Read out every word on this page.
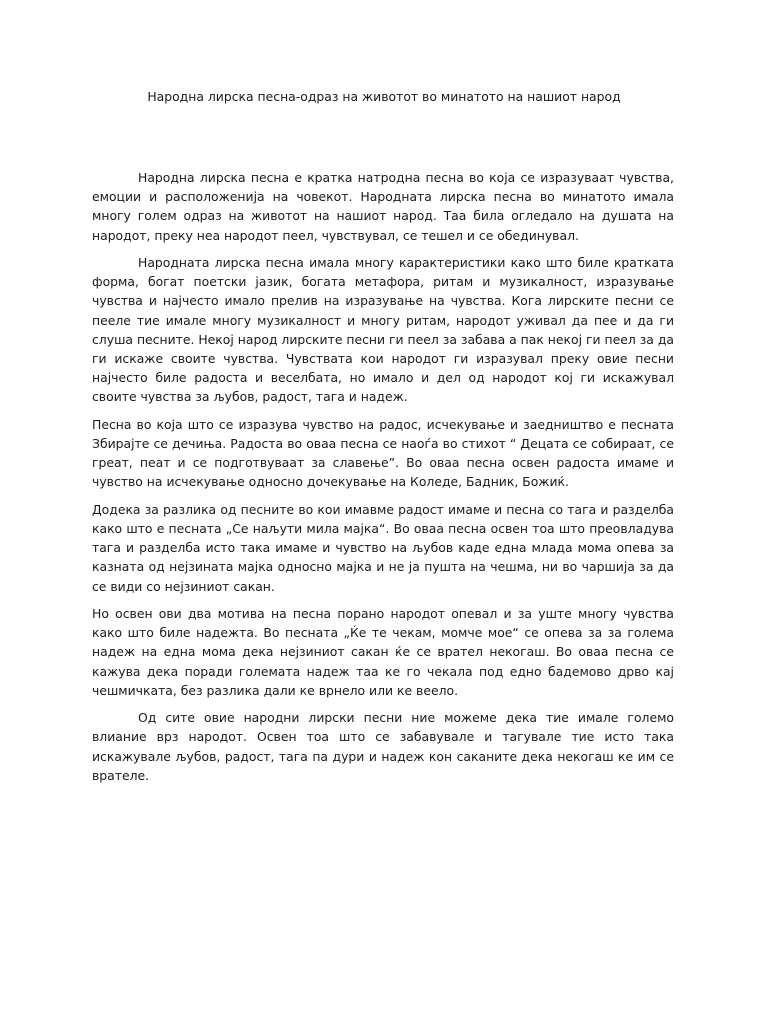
Народна лирска песна-одраз на животот во минатото на нашиот народ

Народна лирска песна е кратка натродна песна во која се изразуваат чувства, емоции и расположенија на човекот. Народната лирска песна во минатото имала многу голем одраз на животот на нашиот народ. Таа била огледало на душата на народот, преку неа народот пеел, чувствувал, се тешел и се обединувал.

Народната лирска песна имала многу карактеристики како што биле кратката форма, богат поетски јазик, богата метафора, ритам и музикалност, изразување чувства и најчесто имало прелив на изразување на чувства. Кога лирските песни се пееле тие имале многу музикалност и многу ритам, народот уживал да пее и да ги слуша песните. Некој народ лирските песни ги пеел за забава а пак некој ги пеел за да ги искаже своите чувства. Чувствата кои народот ги изразувал преку овие песни најчесто биле радоста и веселбата, но имало и дел од народот кој ги искажувал своите чувства за љубов, радост, тага и надеж.

Песна во која што се изразува чувство на радос, исчекување и заедништво е песната Збирајте се дечиња. Радоста во оваа песна се наоѓа во стихот “ Децата се собираат, се греат, пеат и се подготвуваат за славење”. Во оваа песна освен радоста имаме и чувство на исчекување односно дочекување на Коледе, Бадник, Божиќ.

Додека за разлика од песните во кои имавме радост имаме и песна со тага и разделба како што е песната „Се наљути мила мајка“. Во оваа песна освен тоа што преовладува тага и разделба исто така имаме и чувство на љубов каде една млада мома опева за казната од нејзината мајка односно мајка и не ја пушта на чешма, ни во чаршија за да се види со нејзиниот сакан.

Но освен ови два мотива на песна порано народот опевал и за уште многу чувства како што биле надежта. Во песната „Ќе те чекам, момче мое“ се опева за за голема надеж на една мома дека нејзиниот сакан ќе се врател некогаш. Во оваа песна се кажува дека поради големата надеж таа ке го чекала под едно бадемово дрво кај чешмичката, без разлика дали ке врнело или ке веело.

Од сите овие народни лирски песни ние можеме дека тие имале големо влиание врз народот. Освен тоа што се забавувале и тагувале тие исто така искажувале љубов, радост, тага па дури и надеж кон саканите дека некогаш ке им се врателе.
